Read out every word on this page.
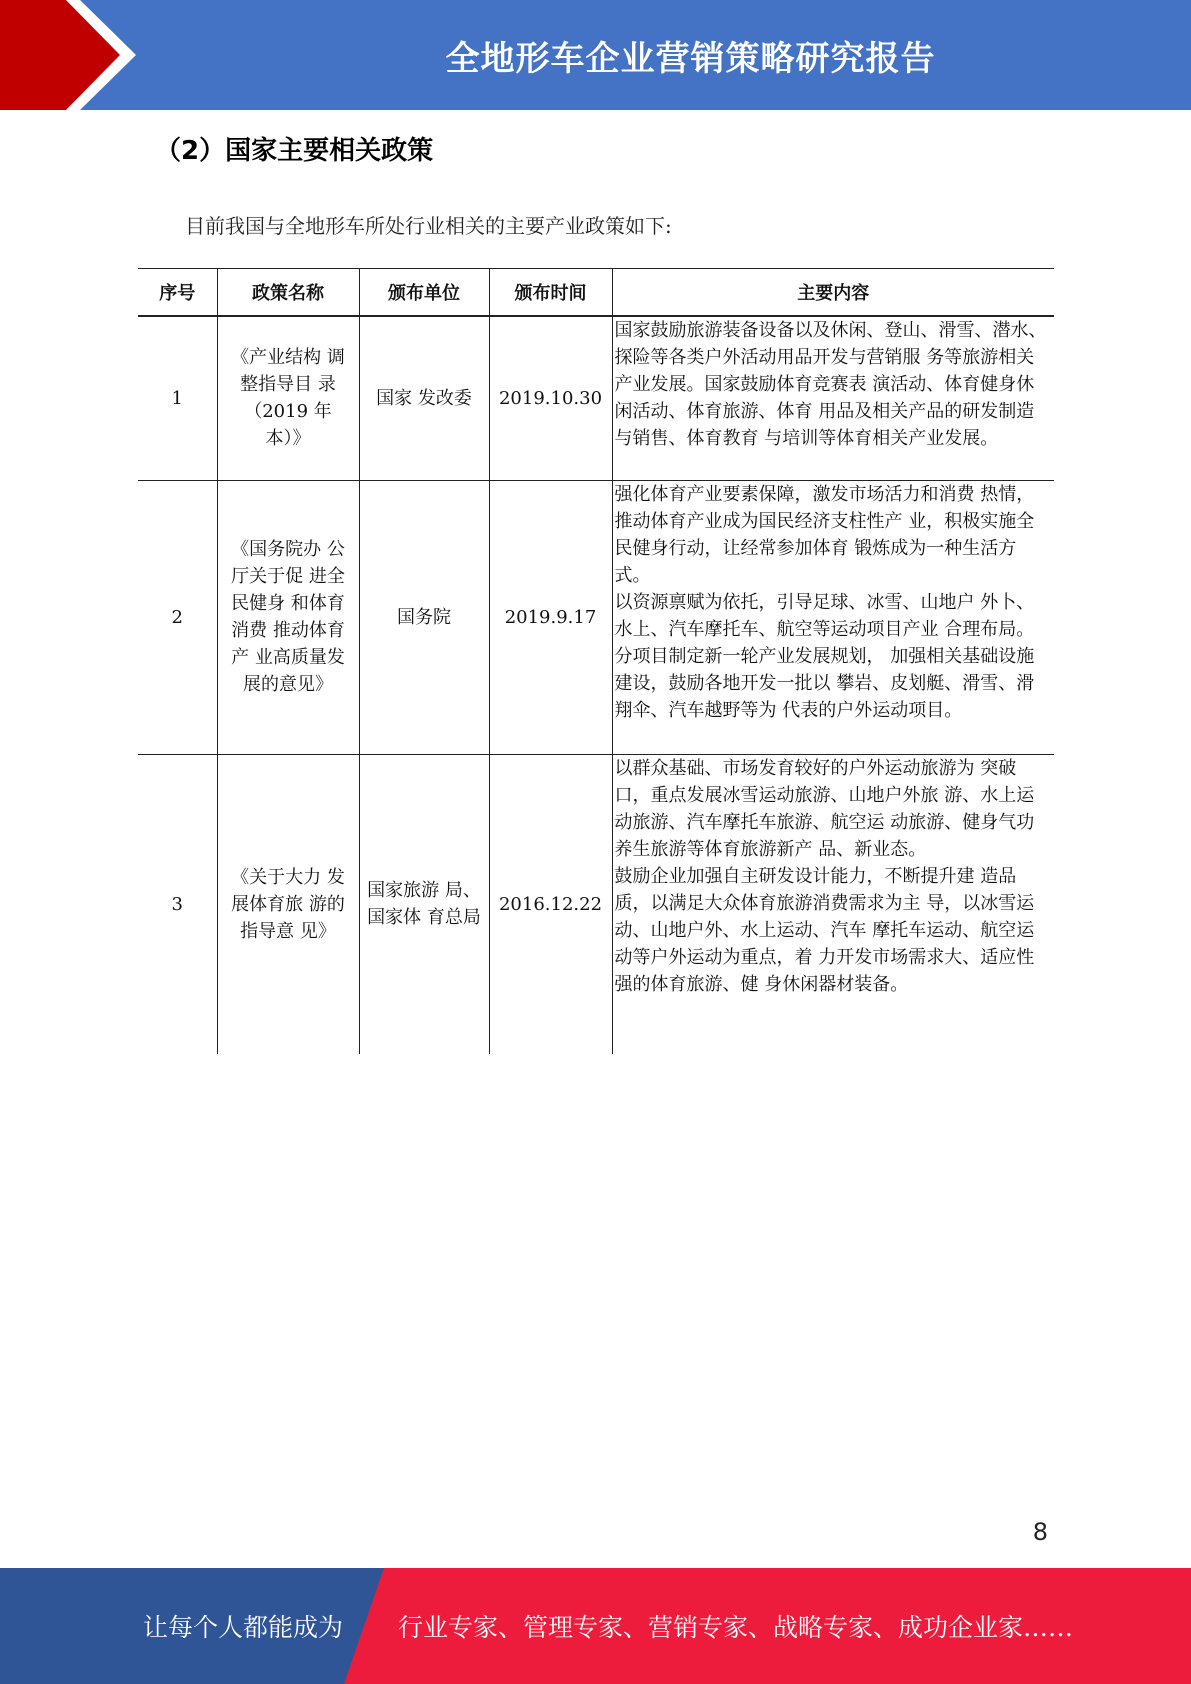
全地形车企业营销策略研究报告
（2）国家主要相关政策
目前我国与全地形车所处行业相关的主要产业政策如下:
序号	政策名称	颁布单位	颁布时间	主要内容
1	《产业结构 调整指导目 录（2019 年 本）》	国家 发改委	2019.10.30	国家鼓励旅游装备设备以及休闲、登山、滑雪、潜水、探险等各类户外活动用品开发与营销服 务等旅游相关产业发展。国家鼓励体育竞赛表 演活动、体育健身休闲活动、体育旅游、体育 用品及相关产品的研发制造与销售、体育教育 与培训等体育相关产业发展。

2	《国务院办 公厅关于促 进全民健身 和体育消费 推动体育产 业高质量发 展的意见》	国务院	2019.9.17	强化体育产业要素保障，激发市场活力和消费 热情，推动体育产业成为国民经济支柱性产 业，积极实施全民健身行动，让经常参加体育 锻炼成为一种生活方式。

以资源禀赋为依托，引导足球、冰雪、山地户 外卜、水上、汽车摩托车、航空等运动项目产业 合理布局。分项目制定新一轮产业发展规划， 加强相关基础设施建设，鼓励各地开发一批以 攀岩、皮划艇、滑雪、滑翔伞、汽车越野等为 代表的户外运动项目。

3	《关于大力 发展体育旅 游的指导意 见》	国家旅游 局、国家体 育总局	2016.12.22	以群众基础、市场发育较好的户外运动旅游为 突破口，重点发展冰雪运动旅游、山地户外旅 游、水上运动旅游、汽车摩托车旅游、航空运 动旅游、健身气功养生旅游等体育旅游新产 品、新业态。

鼓励企业加强自主研发设计能力，不断提升建 造品质，以满足大众体育旅游消费需求为主 导，以冰雪运动、山地户外、水上运动、汽车 摩托车运动、航空运动等户外运动为重点，着 力开发市场需求大、适应性强的体育旅游、健 身休闲器材装备。

8
让每个人都能成为 行业专家、管理专家、营销专家、战略专家、成功企业家……
